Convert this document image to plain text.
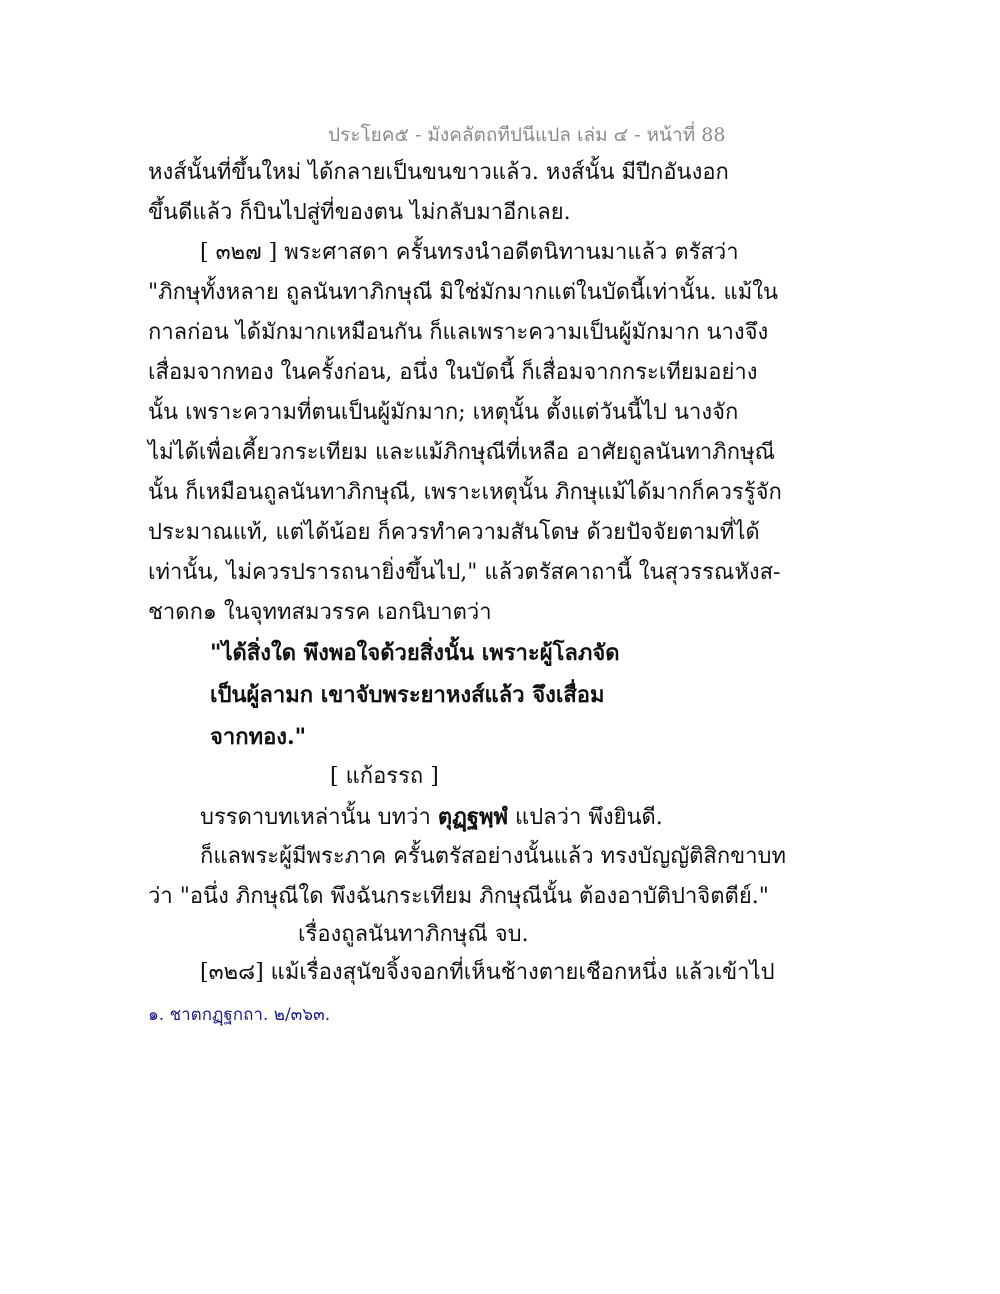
ประโยค๕ - มังคลัตถทีปนีแปล เล่ม ๔ - หน้าที่ 88
หงส์นั้นที่ขึ้นใหม่ ได้กลายเป็นขนขาวแล้ว. หงส์นั้น มีปีกอันงอก
ขึ้นดีแล้ว ก็บินไปสู่ที่ของตน ไม่กลับมาอีกเลย.
[ ๓๒๗ ] พระศาสดา ครั้นทรงนำอดีตนิทานมาแล้ว ตรัสว่า
"ภิกษุทั้งหลาย ถูลนันทาภิกษุณี มิใช่มักมากแต่ในบัดนี้เท่านั้น. แม้ใน
กาลก่อน ได้มักมากเหมือนกัน ก็แลเพราะความเป็นผู้มักมาก นางจึง
เสื่อมจากทอง ในครั้งก่อน, อนึ่ง ในบัดนี้ ก็เสื่อมจากกระเทียมอย่าง
นั้น เพราะความที่ตนเป็นผู้มักมาก; เหตุนั้น ตั้งแต่วันนี้ไป นางจัก
ไม่ได้เพื่อเคี้ยวกระเทียม และแม้ภิกษุณีที่เหลือ อาศัยถูลนันทาภิกษุณี
นั้น ก็เหมือนถูลนันทาภิกษุณี, เพราะเหตุนั้น ภิกษุแม้ได้มากก็ควรรู้จัก
ประมาณแท้, แต่ได้น้อย ก็ควรทำความสันโดษ ด้วยปัจจัยตามที่ได้
เท่านั้น, ไม่ควรปรารถนายิ่งขึ้นไป," แล้วตรัสคาถานี้ ในสุวรรณหังส-
ชาดก๑ ในจุททสมวรรค เอกนิบาตว่า
"ได้สิ่งใด พึงพอใจด้วยสิ่งนั้น เพราะผู้โลภจัด
เป็นผู้ลามก เขาจับพระยาหงส์แล้ว จึงเสื่อม
จากทอง."
[ แก้อรรถ ]
บรรดาบทเหล่านั้น บทว่า ตุฏฺฐพฺพํ แปลว่า พึงยินดี.
ก็แลพระผู้มีพระภาค ครั้นตรัสอย่างนั้นแล้ว ทรงบัญญัติสิกขาบท
ว่า "อนึ่ง ภิกษุณีใด พึงฉันกระเทียม ภิกษุณีนั้น ต้องอาบัติปาจิตตีย์."
เรื่องถูลนันทาภิกษุณี จบ.
[๓๒๘] แม้เรื่องสุนัขจิ้งจอกที่เห็นช้างตายเชือกหนึ่ง แล้วเข้าไป
๑. ชาตกฏฺฐกถา. ๒/๓๖๓.
